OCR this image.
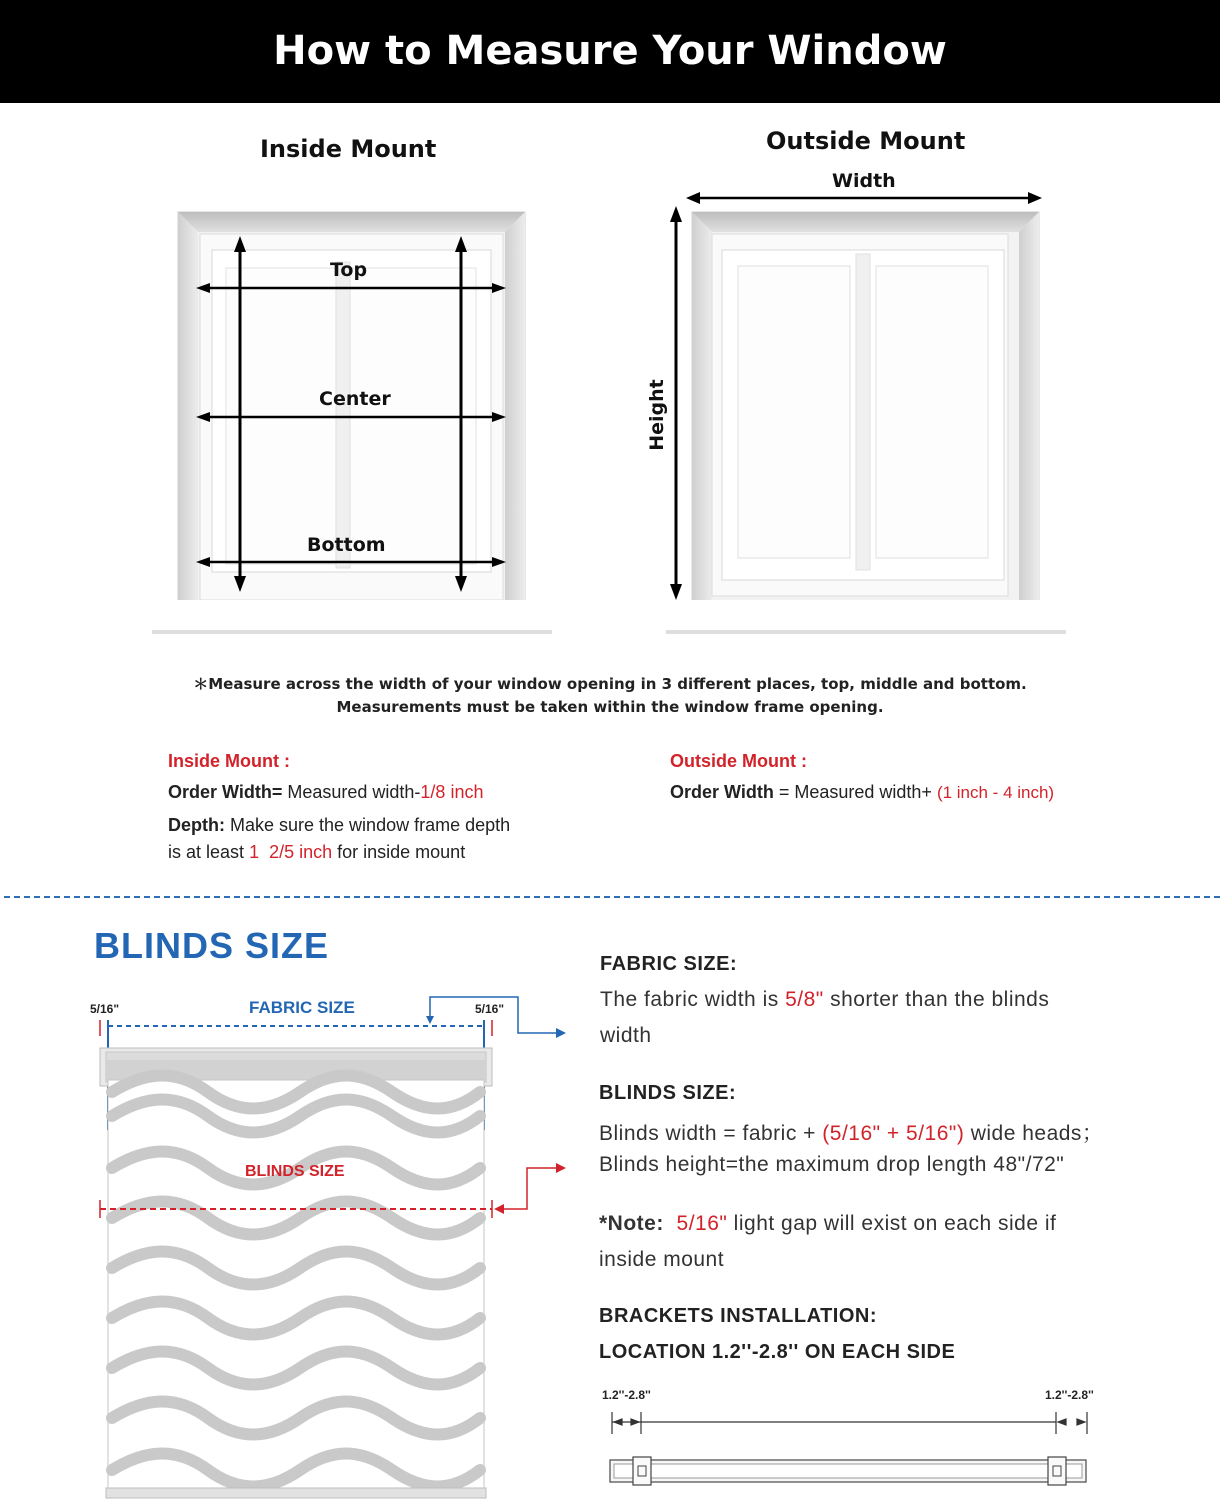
How to Measure Your Window
Inside Mount	Outside Mount
Top
Center
Bottom
Width
Height
＊Measure across the width of your window opening in 3 different places, top, middle and bottom.
Measurements must be taken within the window frame opening.
Inside Mount :
Order Width= Measured width-1/8 inch
Depth: Make sure the window frame depth
is at least 1  2/5 inch for inside mount
Outside Mount :
Order Width = Measured width+ (1 inch - 4 inch)
BLINDS SIZE
5/16"	5/16"
FABRIC SIZE
BLINDS SIZE
FABRIC SIZE:
The fabric width is 5/8" shorter than the blinds
width
BLINDS SIZE:
Blinds width = fabric + (5/16" + 5/16") wide heads；
Blinds height=the maximum drop length 48"/72"
*Note: 5/16" light gap will exist on each side if
inside mount
BRACKETS INSTALLATION:
LOCATION 1.2''-2.8'' ON EACH SIDE
1.2''-2.8''	1.2''-2.8''
